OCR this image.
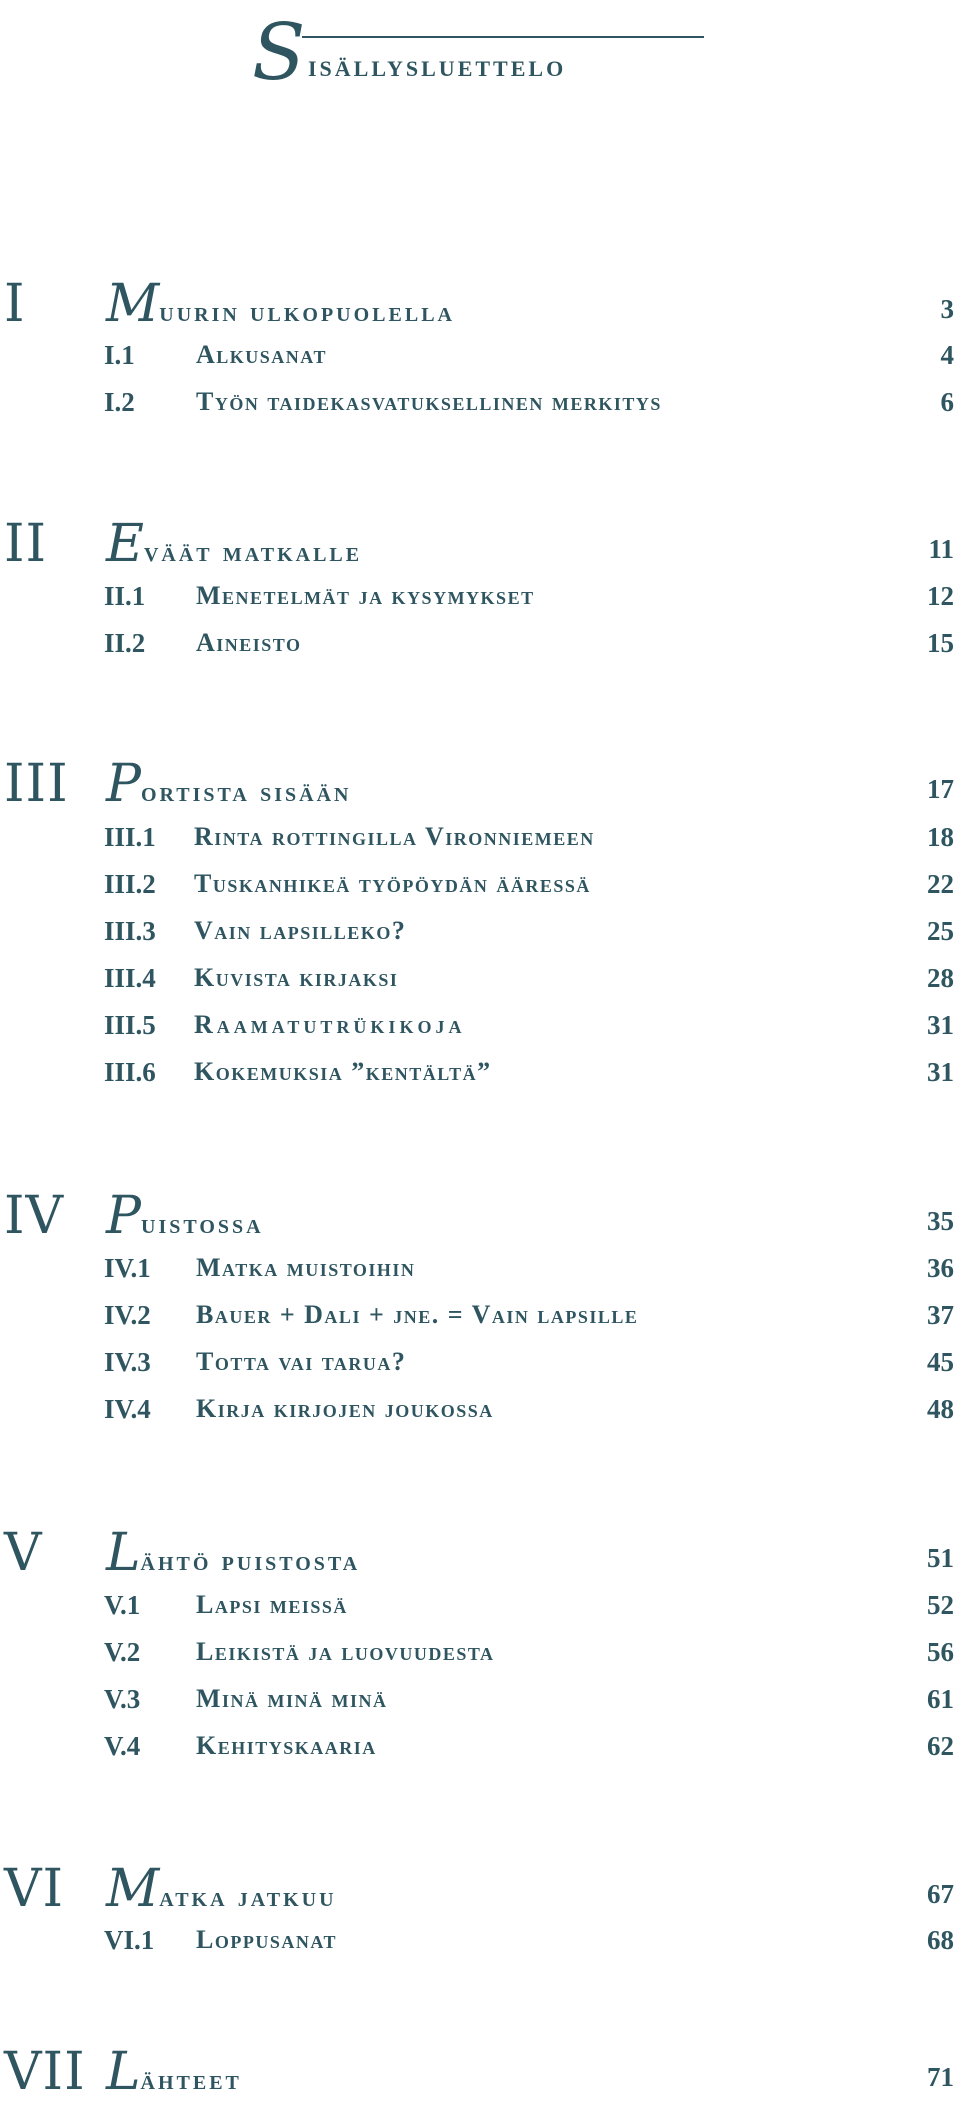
S isällysluettelo
I Muurin ulkopuolella	3
I.1 Alkusanat	4
I.2 Työn taidekasvatuksellinen merkitys	6
II Eväät matkalle	11
II.1 Menetelmät ja kysymykset	12
II.2 Aineisto	15
III Portista sisään	17
III.1 Rinta rottingilla Vironniemeen	18
III.2 Tuskanhikeä työpöydän ääressä	22
III.3 Vain lapsilleko?	25
III.4 Kuvista kirjaksi	28
III.5 Raamatutrükikoja	31
III.6 Kokemuksia ”kentältä”	31
IV Puistossa	35
IV.1 Matka muistoihin	36
IV.2 Bauer + Dali + jne. = Vain lapsille	37
IV.3 Totta vai tarua?	45
IV.4 Kirja kirjojen joukossa	48
V Lähtö puistosta	51
V.1 Lapsi meissä	52
V.2 Leikistä ja luovuudesta	56
V.3 Minä minä minä	61
V.4 Kehityskaaria	62
VI Matka jatkuu	67
VI.1 Loppusanat	68
VII Lähteet	71
